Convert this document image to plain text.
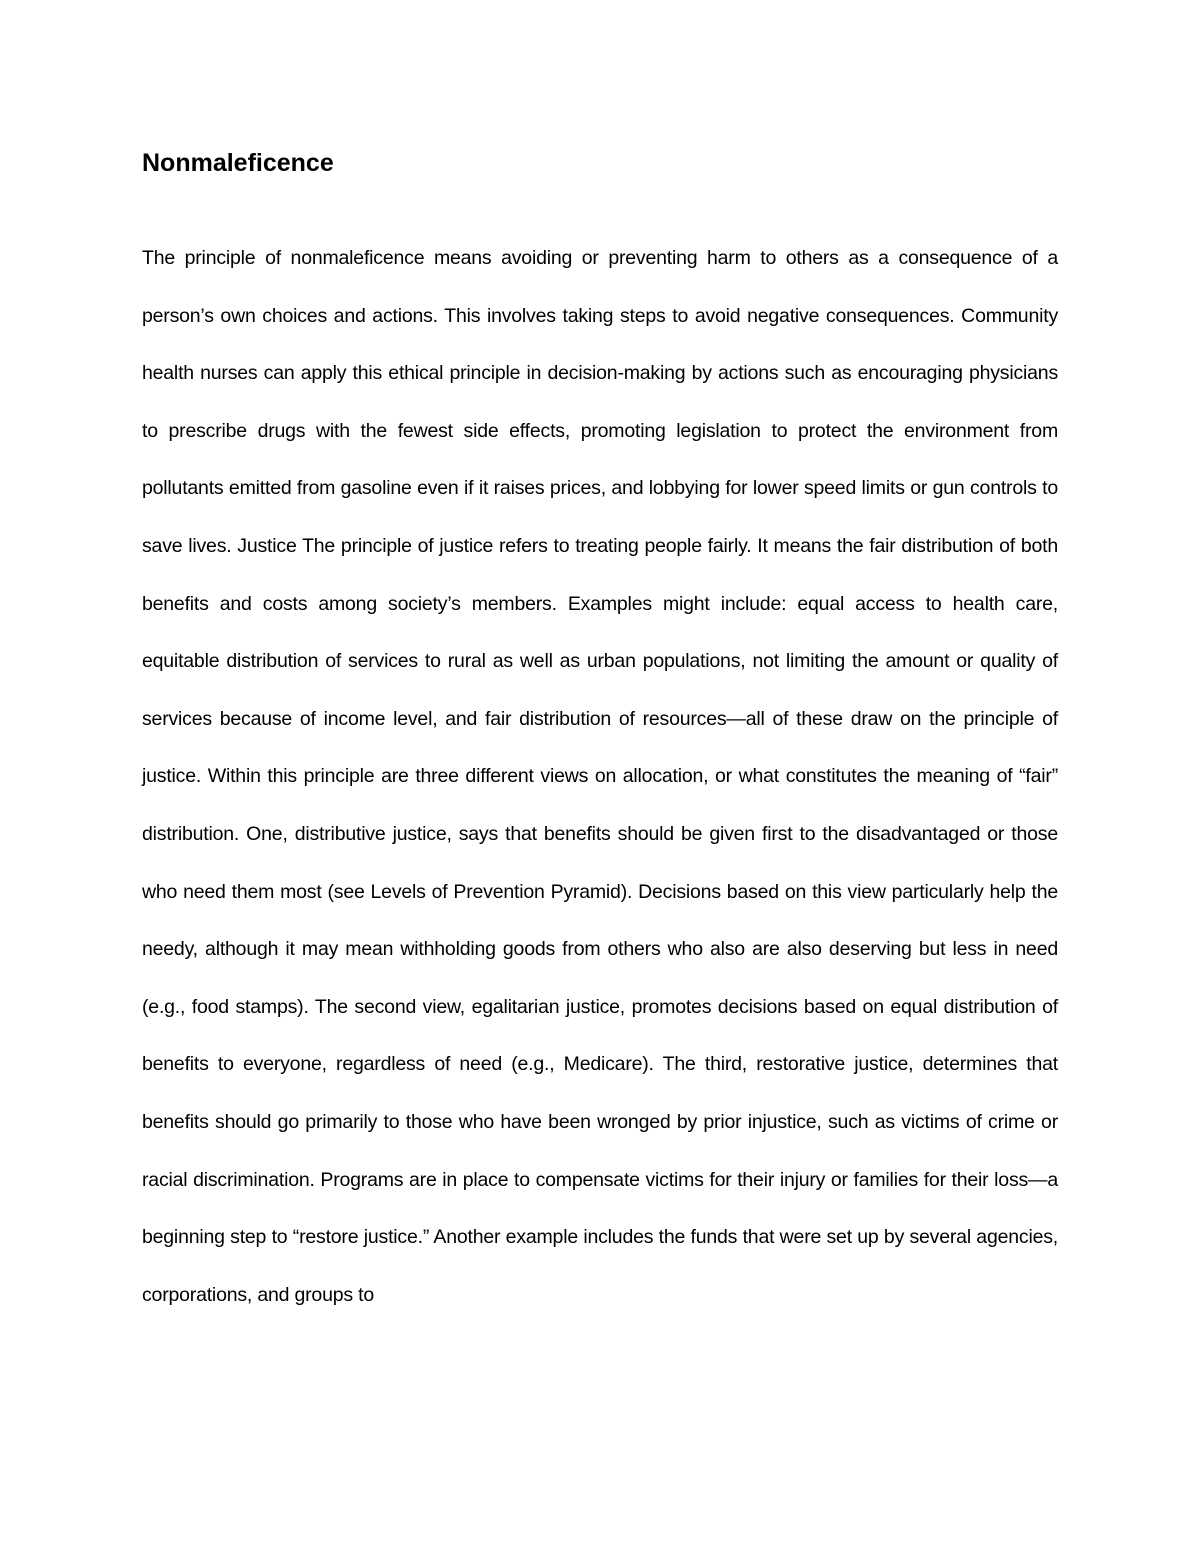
Nonmaleficence

The principle of nonmaleficence means avoiding or preventing harm to others as a consequence of a person’s own choices and actions. This involves taking steps to avoid negative consequences. Community health nurses can apply this ethical principle in decision-making by actions such as encouraging physicians to prescribe drugs with the fewest side effects, promoting legislation to protect the environment from pollutants emitted from gasoline even if it raises prices, and lobbying for lower speed limits or gun controls to save lives. Justice The principle of justice refers to treating people fairly. It means the fair distribution of both benefits and costs among society’s members. Examples might include: equal access to health care, equitable distribution of services to rural as well as urban populations, not limiting the amount or quality of services because of income level, and fair distribution of resources—all of these draw on the principle of justice. Within this principle are three different views on allocation, or what constitutes the meaning of “fair” distribution. One, distributive justice, says that benefits should be given first to the disadvantaged or those who need them most (see Levels of Prevention Pyramid). Decisions based on this view particularly help the needy, although it may mean withholding goods from others who also are also deserving but less in need (e.g., food stamps). The second view, egalitarian justice, promotes decisions based on equal distribution of benefits to everyone, regardless of need (e.g., Medicare). The third, restorative justice, determines that benefits should go primarily to those who have been wronged by prior injustice, such as victims of crime or racial discrimination. Programs are in place to compensate victims for their injury or families for their loss—a beginning step to “restore justice.” Another example includes the funds that were set up by several agencies, corporations, and groups to
